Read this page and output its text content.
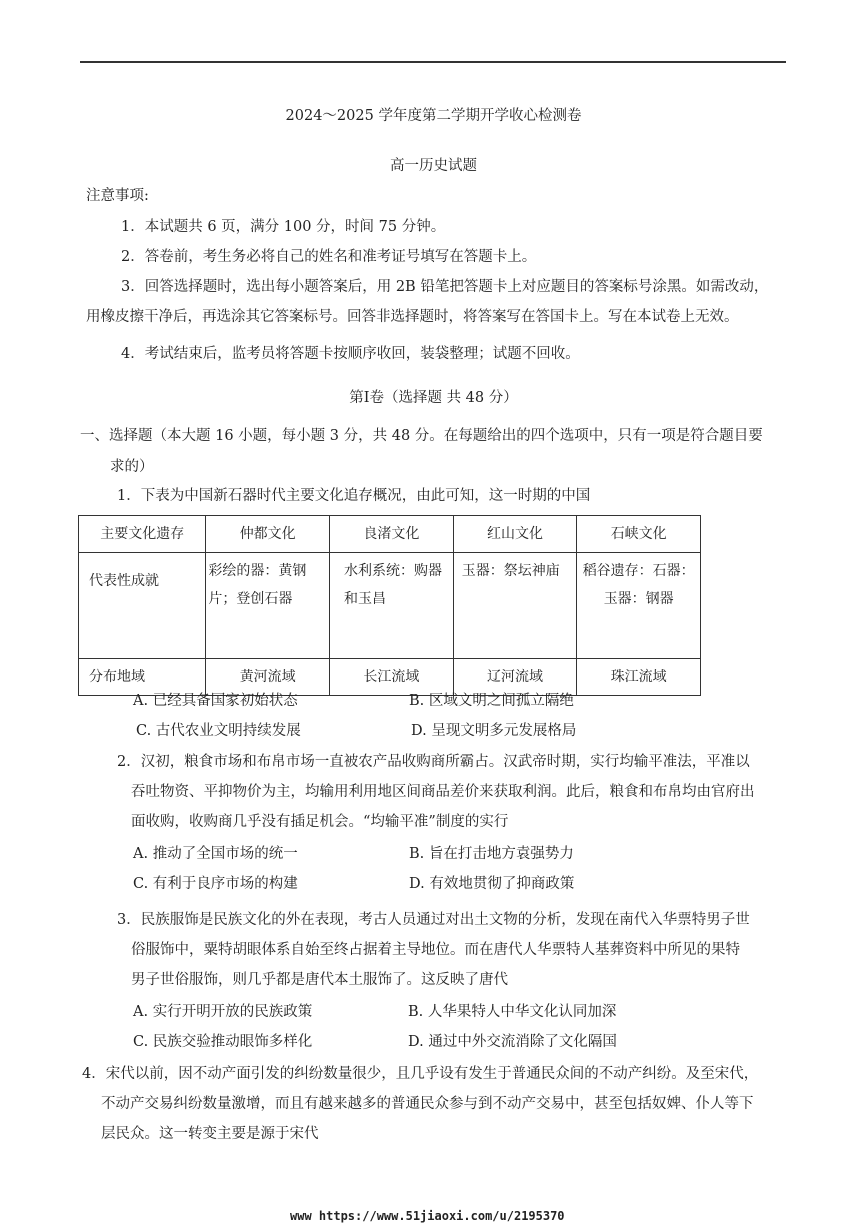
2024～2025 学年度第二学期开学收心检测卷
高一历史试题
注意事项:
1．本试题共 6 页，满分 100 分，时间 75 分钟。
2．答卷前，考生务必将自己的姓名和准考证号填写在答题卡上。
3．回答选择题时，选出每小题答案后，用 2B 铅笔把答题卡上对应题目的答案标号涂黑。如需改动，
用橡皮擦干净后，再选涂其它答案标号。回答非选择题时，将答案写在答国卡上。写在本试卷上无效。
4．考试结束后，监考员将答题卡按顺序收回，装袋整理；试题不回收。
第Ⅰ卷（选择题 共 48 分）
一、选择题（本大题 16 小题，每小题 3 分，共 48 分。在每题给出的四个选项中，只有一项是符合题目要
求的）
1．下表为中国新石器时代主要文化追存概况，由此可知，这一时期的中国
主要文化遗存	仲都文化	良渚文化	红山文化	石峡文化
代表性成就	彩绘的器：黄钢片；登创石器	水利系统：购器和玉昌	玉器：祭坛神庙	稻谷遗存：石器：玉器：钢器
分布地域	黄河流域	长江流域	辽河流域	珠江流域
A. 已经具备国家初始状态	B. 区域文明之间孤立隔绝
C. 古代农业文明持续发展	D. 呈现文明多元发展格局
2．汉初，粮食市场和布帛市场一直被农产品收购商所霸占。汉武帝时期，实行均输平准法，平准以
吞吐物资、平抑物价为主，均输用利用地区间商品差价来获取利润。此后，粮食和布帛均由官府出
面收购，收购商几乎没有插足机会。“均输平准”制度的实行
A. 推动了全国市场的统一	B. 旨在打击地方袁强势力
C. 有利于良序市场的构建	D. 有效地贯彻了抑商政策
3．民族服饰是民族文化的外在表现，考古人员通过对出土文物的分析，发现在南代入华票特男子世
俗服饰中，粟特胡眼体系自始至终占据着主导地位。而在唐代人华票特人基葬资料中所见的果特
男子世俗服饰，则几乎都是唐代本土服饰了。这反映了唐代
A. 实行开明开放的民族政策	B. 人华果特人中华文化认同加深
C. 民族交验推动眼饰多样化	D. 通过中外交流消除了文化隔国
4．宋代以前，因不动产面引发的纠纷数量很少，且几乎设有发生于普通民众间的不动产纠纷。及至宋代，
不动产交易纠纷数量激增，而且有越来越多的普通民众参与到不动产交易中，甚至包括奴婢、仆人等下
层民众。这一转变主要是源于宋代
www https://www.51jiaoxi.com/u/2195370
